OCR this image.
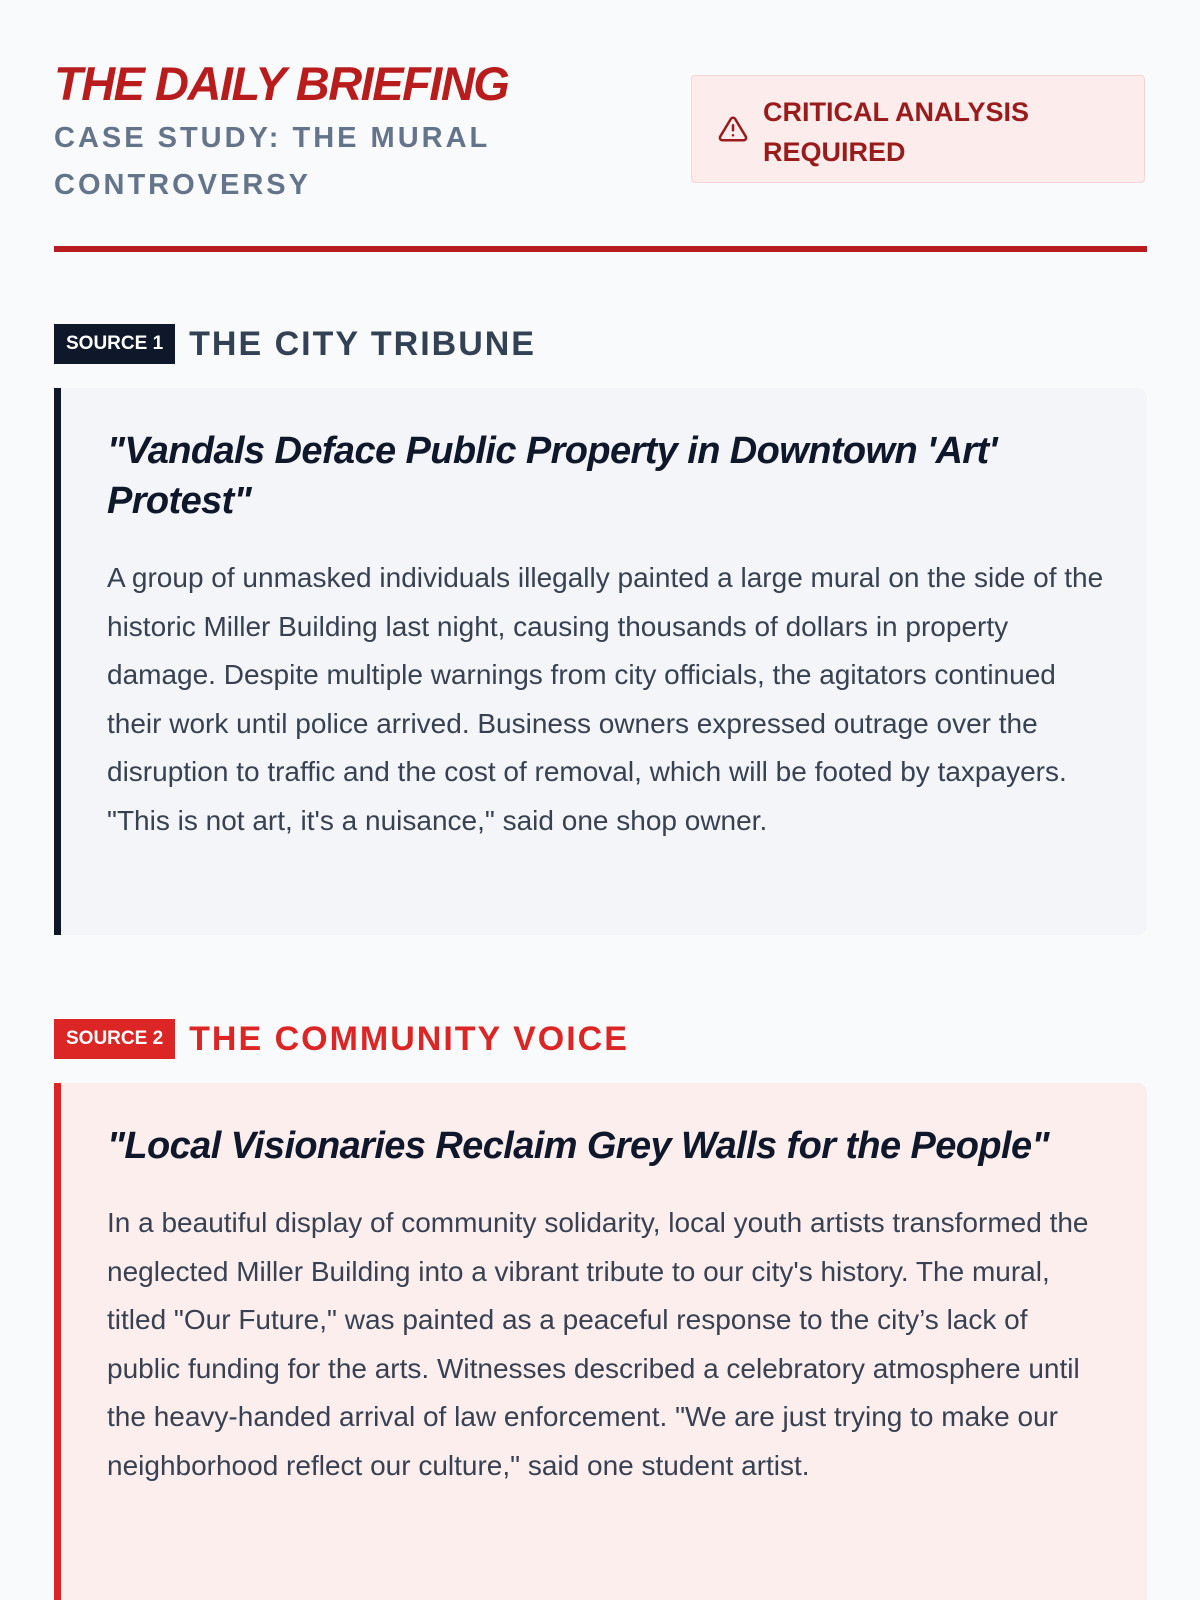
THE DAILY BRIEFING
CASE STUDY: THE MURAL CONTROVERSY
CRITICAL ANALYSIS REQUIRED
SOURCE 1 THE CITY TRIBUNE
"Vandals Deface Public Property in Downtown 'Art' Protest"

A group of unmasked individuals illegally painted a large mural on the side of the historic Miller Building last night, causing thousands of dollars in property damage. Despite multiple warnings from city officials, the agitators continued their work until police arrived. Business owners expressed outrage over the disruption to traffic and the cost of removal, which will be footed by taxpayers. "This is not art, it's a nuisance," said one shop owner.

SOURCE 2 THE COMMUNITY VOICE
"Local Visionaries Reclaim Grey Walls for the People"

In a beautiful display of community solidarity, local youth artists transformed the neglected Miller Building into a vibrant tribute to our city's history. The mural, titled "Our Future," was painted as a peaceful response to the city’s lack of public funding for the arts. Witnesses described a celebratory atmosphere until the heavy-handed arrival of law enforcement. "We are just trying to make our neighborhood reflect our culture," said one student artist.
